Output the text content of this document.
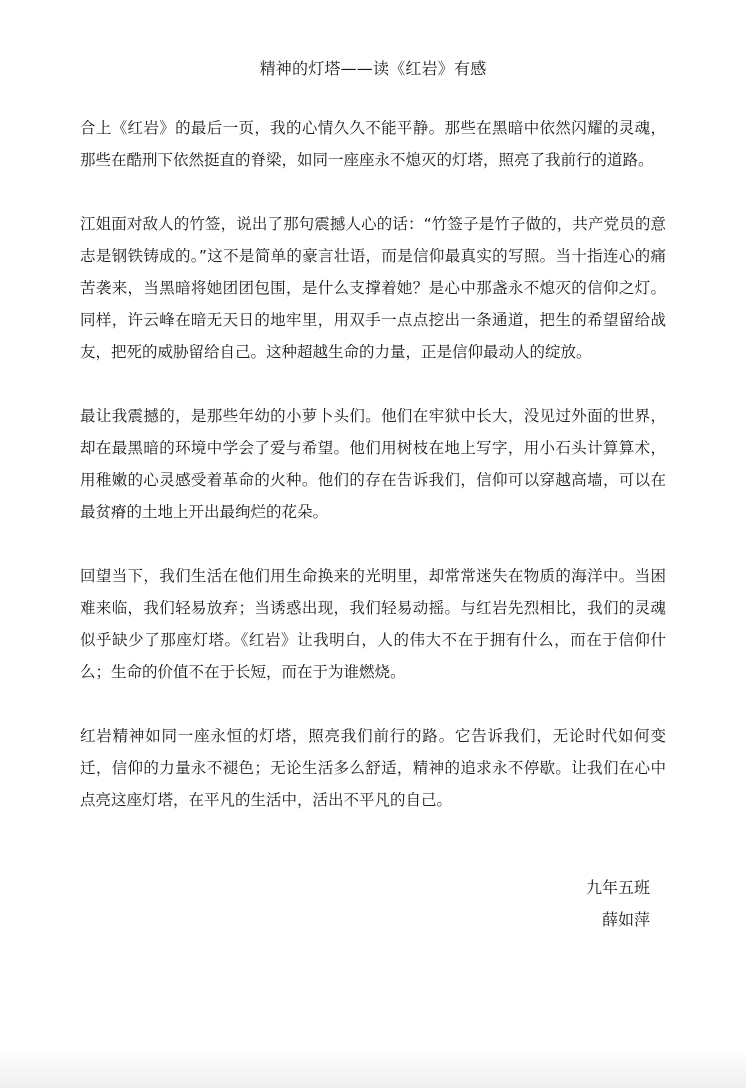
精神的灯塔——读《红岩》有感

合上《红岩》的最后一页，我的心情久久不能平静。那些在黑暗中依然闪耀的灵魂，那些在酷刑下依然挺直的脊梁，如同一座座永不熄灭的灯塔，照亮了我前行的道路。

江姐面对敌人的竹签，说出了那句震撼人心的话：“竹签子是竹子做的，共产党员的意志是钢铁铸成的。”这不是简单的豪言壮语，而是信仰最真实的写照。当十指连心的痛苦袭来，当黑暗将她团团包围，是什么支撑着她？是心中那盏永不熄灭的信仰之灯。同样，许云峰在暗无天日的地牢里，用双手一点点挖出一条通道，把生的希望留给战友，把死的威胁留给自己。这种超越生命的力量，正是信仰最动人的绽放。

最让我震撼的，是那些年幼的小萝卜头们。他们在牢狱中长大，没见过外面的世界，却在最黑暗的环境中学会了爱与希望。他们用树枝在地上写字，用小石头计算算术，用稚嫩的心灵感受着革命的火种。他们的存在告诉我们，信仰可以穿越高墙，可以在最贫瘠的土地上开出最绚烂的花朵。

回望当下，我们生活在他们用生命换来的光明里，却常常迷失在物质的海洋中。当困难来临，我们轻易放弃；当诱惑出现，我们轻易动摇。与红岩先烈相比，我们的灵魂似乎缺少了那座灯塔。《红岩》让我明白，人的伟大不在于拥有什么，而在于信仰什么；生命的价值不在于长短，而在于为谁燃烧。

红岩精神如同一座永恒的灯塔，照亮我们前行的路。它告诉我们，无论时代如何变迁，信仰的力量永不褪色；无论生活多么舒适，精神的追求永不停歇。让我们在心中点亮这座灯塔，在平凡的生活中，活出不平凡的自己。

九年五班
薛如萍
